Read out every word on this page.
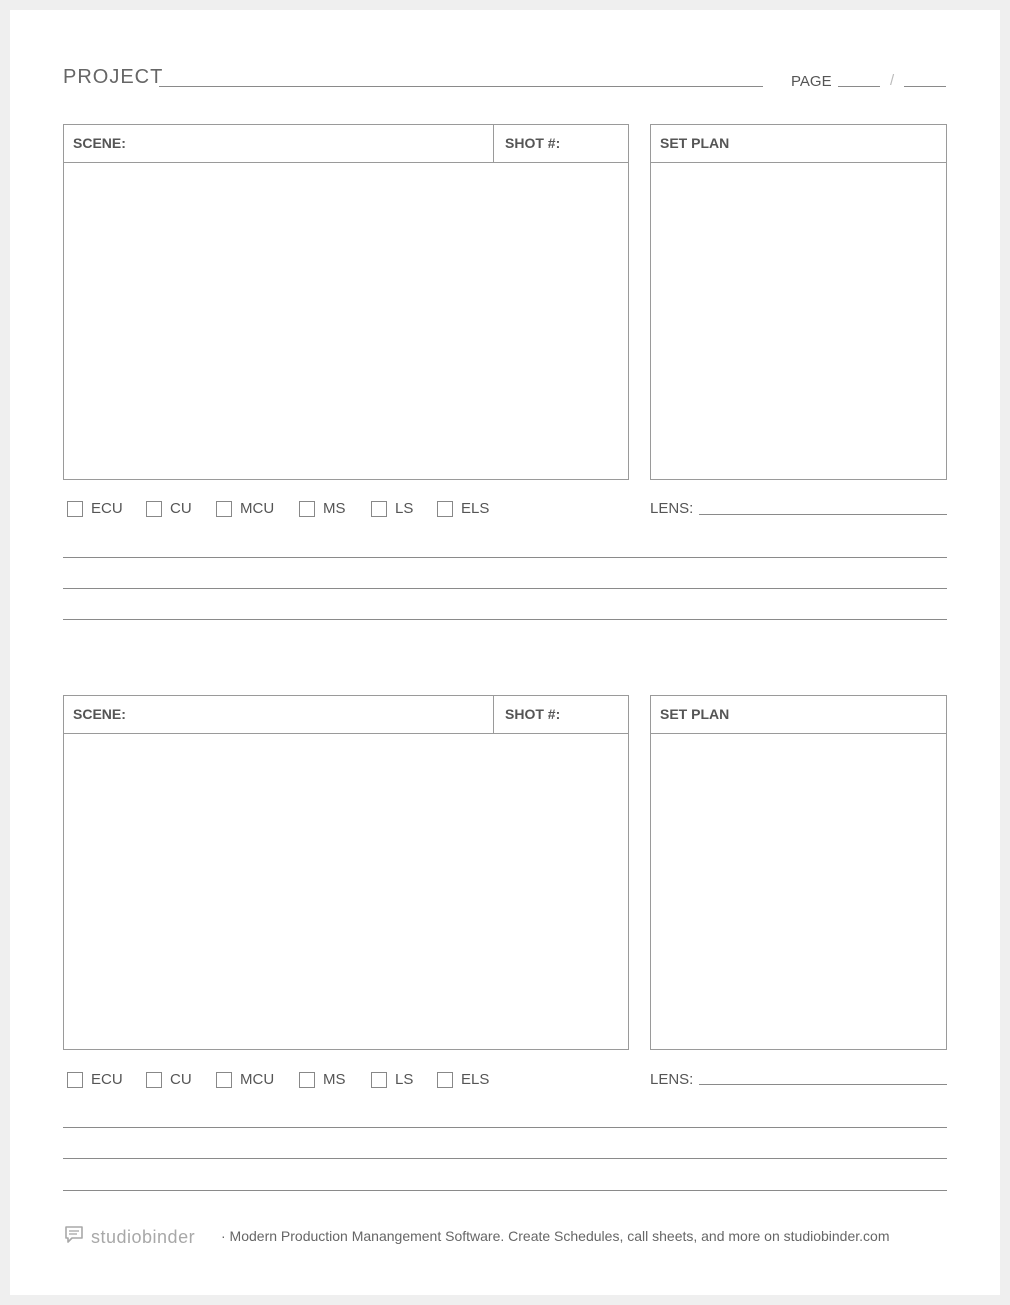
PROJECT	PAGE	/
SCENE:	SHOT #:	SET PLAN
ECU	CU	MCU	MS	LS	ELS	LENS:
SCENE:	SHOT #:	SET PLAN
ECU	CU	MCU	MS	LS	ELS	LENS:
studiobinder · Modern Production Manangement Software. Create Schedules, call sheets, and more on studiobinder.com
